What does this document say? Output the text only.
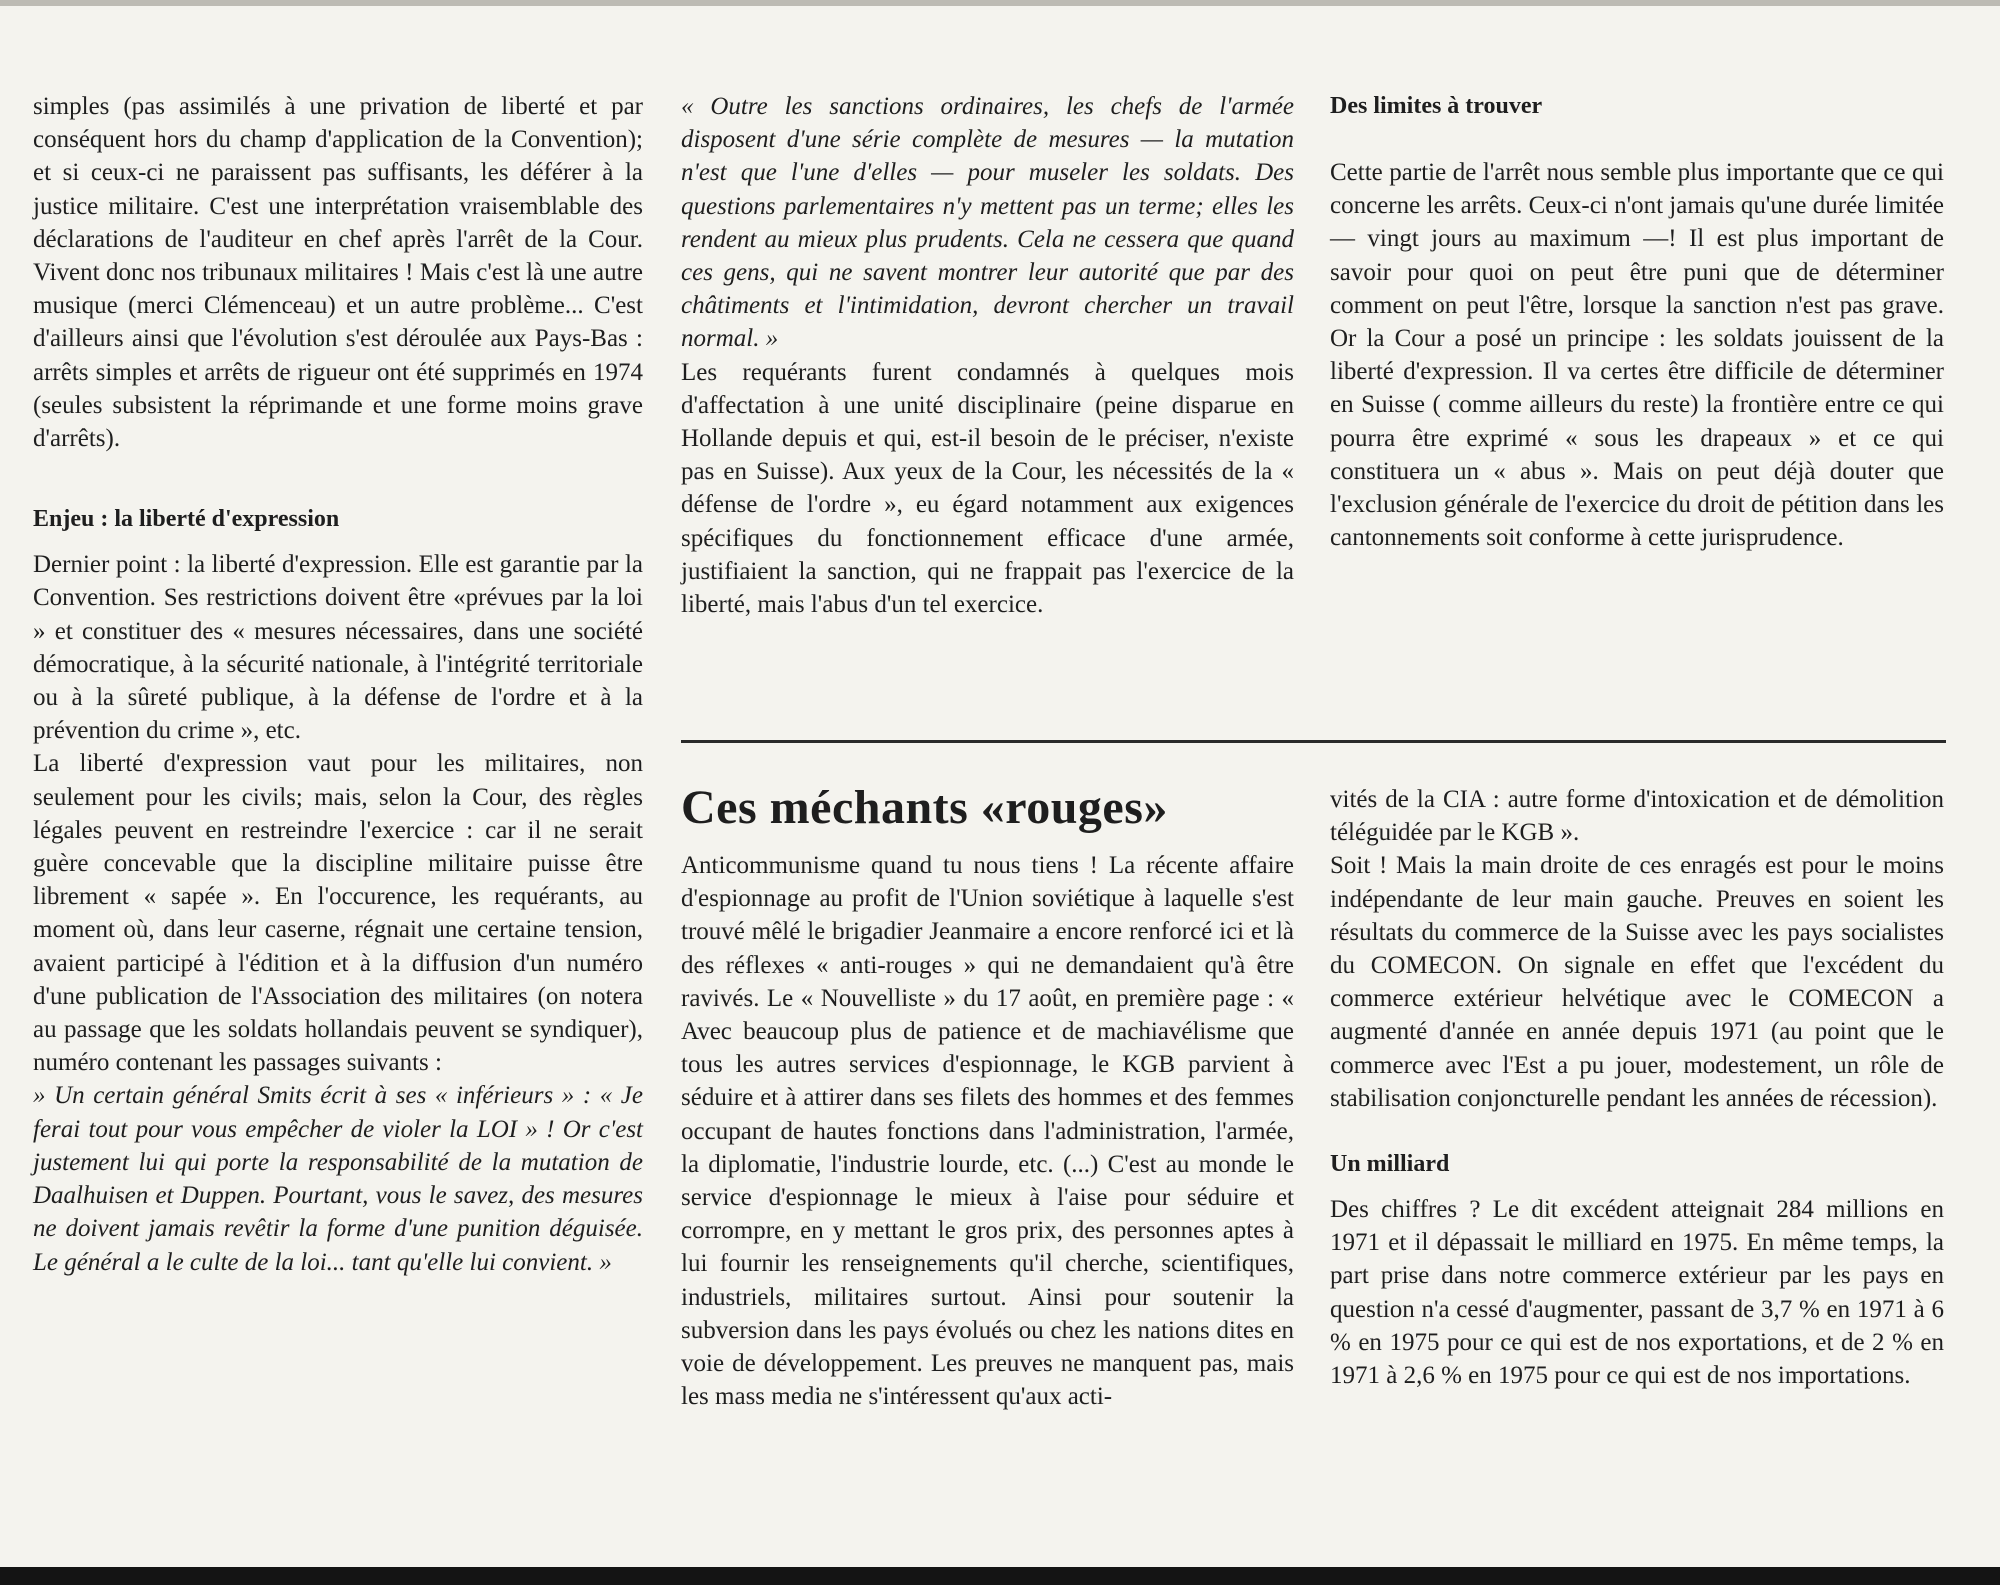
simples (pas assimilés à une privation de liberté et par conséquent hors du champ d'application de la Convention); et si ceux-ci ne paraissent pas suffisants, les déférer à la justice militaire. C'est une interprétation vraisemblable des déclarations de l'auditeur en chef après l'arrêt de la Cour. Vivent donc nos tribunaux militaires ! Mais c'est là une autre musique (merci Clémenceau) et un autre problème... C'est d'ailleurs ainsi que l'évolution s'est déroulée aux Pays-Bas : arrêts simples et arrêts de rigueur ont été supprimés en 1974 (seules subsistent la réprimande et une forme moins grave d'arrêts).

Enjeu : la liberté d'expression

Dernier point : la liberté d'expression. Elle est garantie par la Convention. Ses restrictions doivent être «prévues par la loi » et constituer des « mesures nécessaires, dans une société démocratique, à la sécurité nationale, à l'intégrité territoriale ou à la sûreté publique, à la défense de l'ordre et à la prévention du crime », etc.

La liberté d'expression vaut pour les militaires, non seulement pour les civils; mais, selon la Cour, des règles légales peuvent en restreindre l'exercice : car il ne serait guère concevable que la discipline militaire puisse être librement « sapée ». En l'occurence, les requérants, au moment où, dans leur caserne, régnait une certaine tension, avaient participé à l'édition et à la diffusion d'un numéro d'une publication de l'Association des militaires (on notera au passage que les soldats hollandais peuvent se syndiquer), numéro contenant les passages suivants :

» Un certain général Smits écrit à ses « inférieurs » : « Je ferai tout pour vous empêcher de violer la LOI » ! Or c'est justement lui qui porte la responsabilité de la mutation de Daalhuisen et Duppen. Pourtant, vous le savez, des mesures ne doivent jamais revêtir la forme d'une punition déguisée. Le général a le culte de la loi... tant qu'elle lui convient. »

« Outre les sanctions ordinaires, les chefs de l'armée disposent d'une série complète de mesures — la mutation n'est que l'une d'elles — pour museler les soldats. Des questions parlementaires n'y mettent pas un terme; elles les rendent au mieux plus prudents. Cela ne cessera que quand ces gens, qui ne savent montrer leur autorité que par des châtiments et l'intimidation, devront chercher un travail normal. »

Les requérants furent condamnés à quelques mois d'affectation à une unité disciplinaire (peine disparue en Hollande depuis et qui, est-il besoin de le préciser, n'existe pas en Suisse). Aux yeux de la Cour, les nécessités de la « défense de l'ordre », eu égard notamment aux exigences spécifiques du fonctionnement efficace d'une armée, justifiaient la sanction, qui ne frappait pas l'exercice de la liberté, mais l'abus d'un tel exercice.

Des limites à trouver

Cette partie de l'arrêt nous semble plus importante que ce qui concerne les arrêts. Ceux-ci n'ont jamais qu'une durée limitée — vingt jours au maximum —! Il est plus important de savoir pour quoi on peut être puni que de déterminer comment on peut l'être, lorsque la sanction n'est pas grave. Or la Cour a posé un principe : les soldats jouissent de la liberté d'expression. Il va certes être difficile de déterminer en Suisse ( comme ailleurs du reste) la frontière entre ce qui pourra être exprimé « sous les drapeaux » et ce qui constituera un « abus ». Mais on peut déjà douter que l'exclusion générale de l'exercice du droit de pétition dans les cantonnements soit conforme à cette jurisprudence.

Ces méchants «rouges»

Anticommunisme quand tu nous tiens ! La récente affaire d'espionnage au profit de l'Union soviétique à laquelle s'est trouvé mêlé le brigadier Jeanmaire a encore renforcé ici et là des réflexes « anti-rouges » qui ne demandaient qu'à être ravivés. Le « Nouvelliste » du 17 août, en première page : « Avec beaucoup plus de patience et de machiavélisme que tous les autres services d'espionnage, le KGB parvient à séduire et à attirer dans ses filets des hommes et des femmes occupant de hautes fonctions dans l'administration, l'armée, la diplomatie, l'industrie lourde, etc. (...) C'est au monde le service d'espionnage le mieux à l'aise pour séduire et corrompre, en y mettant le gros prix, des personnes aptes à lui fournir les renseignements qu'il cherche, scientifiques, industriels, militaires surtout. Ainsi pour soutenir la subversion dans les pays évolués ou chez les nations dites en voie de développement. Les preuves ne manquent pas, mais les mass media ne s'intéressent qu'aux acti-

vités de la CIA : autre forme d'intoxication et de démolition téléguidée par le KGB ».

Soit ! Mais la main droite de ces enragés est pour le moins indépendante de leur main gauche. Preuves en soient les résultats du commerce de la Suisse avec les pays socialistes du COMECON. On signale en effet que l'excédent du commerce extérieur helvétique avec le COMECON a augmenté d'année en année depuis 1971 (au point que le commerce avec l'Est a pu jouer, modestement, un rôle de stabilisation conjoncturelle pendant les années de récession).

Un milliard

Des chiffres ? Le dit excédent atteignait 284 millions en 1971 et il dépassait le milliard en 1975. En même temps, la part prise dans notre commerce extérieur par les pays en question n'a cessé d'augmenter, passant de 3,7 % en 1971 à 6 % en 1975 pour ce qui est de nos exportations, et de 2 % en 1971 à 2,6 % en 1975 pour ce qui est de nos importations.
